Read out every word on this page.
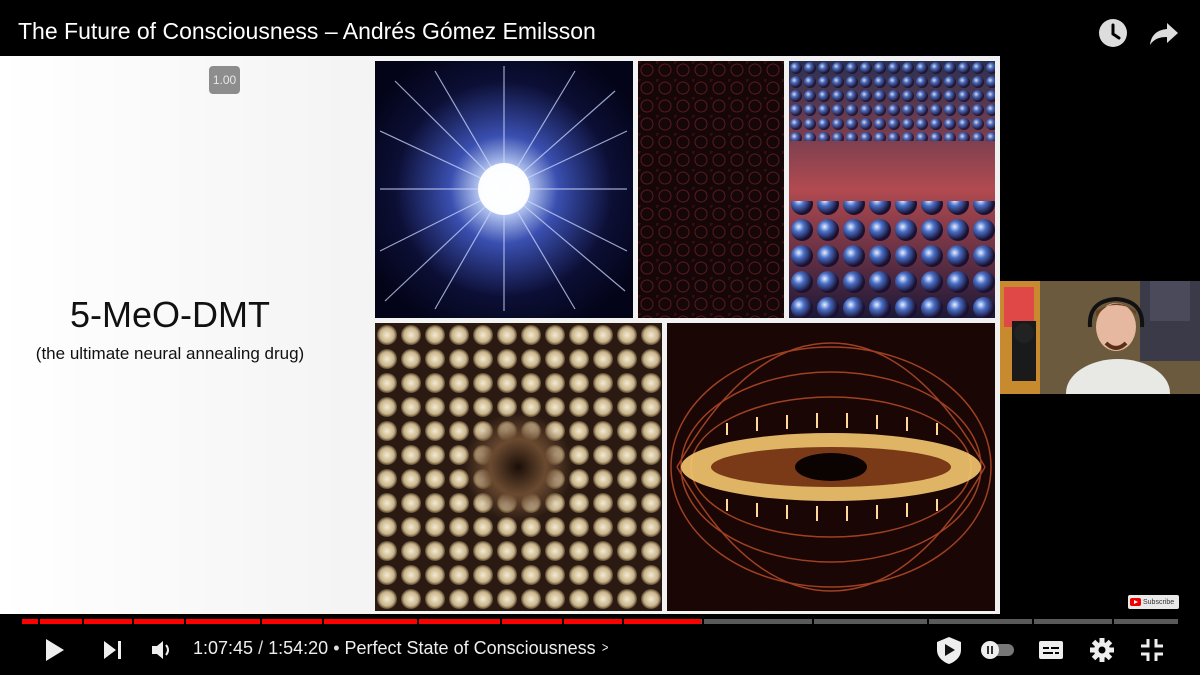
The Future of Consciousness – Andrés Gómez Emilsson
1.00
5-MeO-DMT
(the ultimate neural annealing drug)
Subscribe
1:07:45 / 1:54:20 • Perfect State of Consciousness >
